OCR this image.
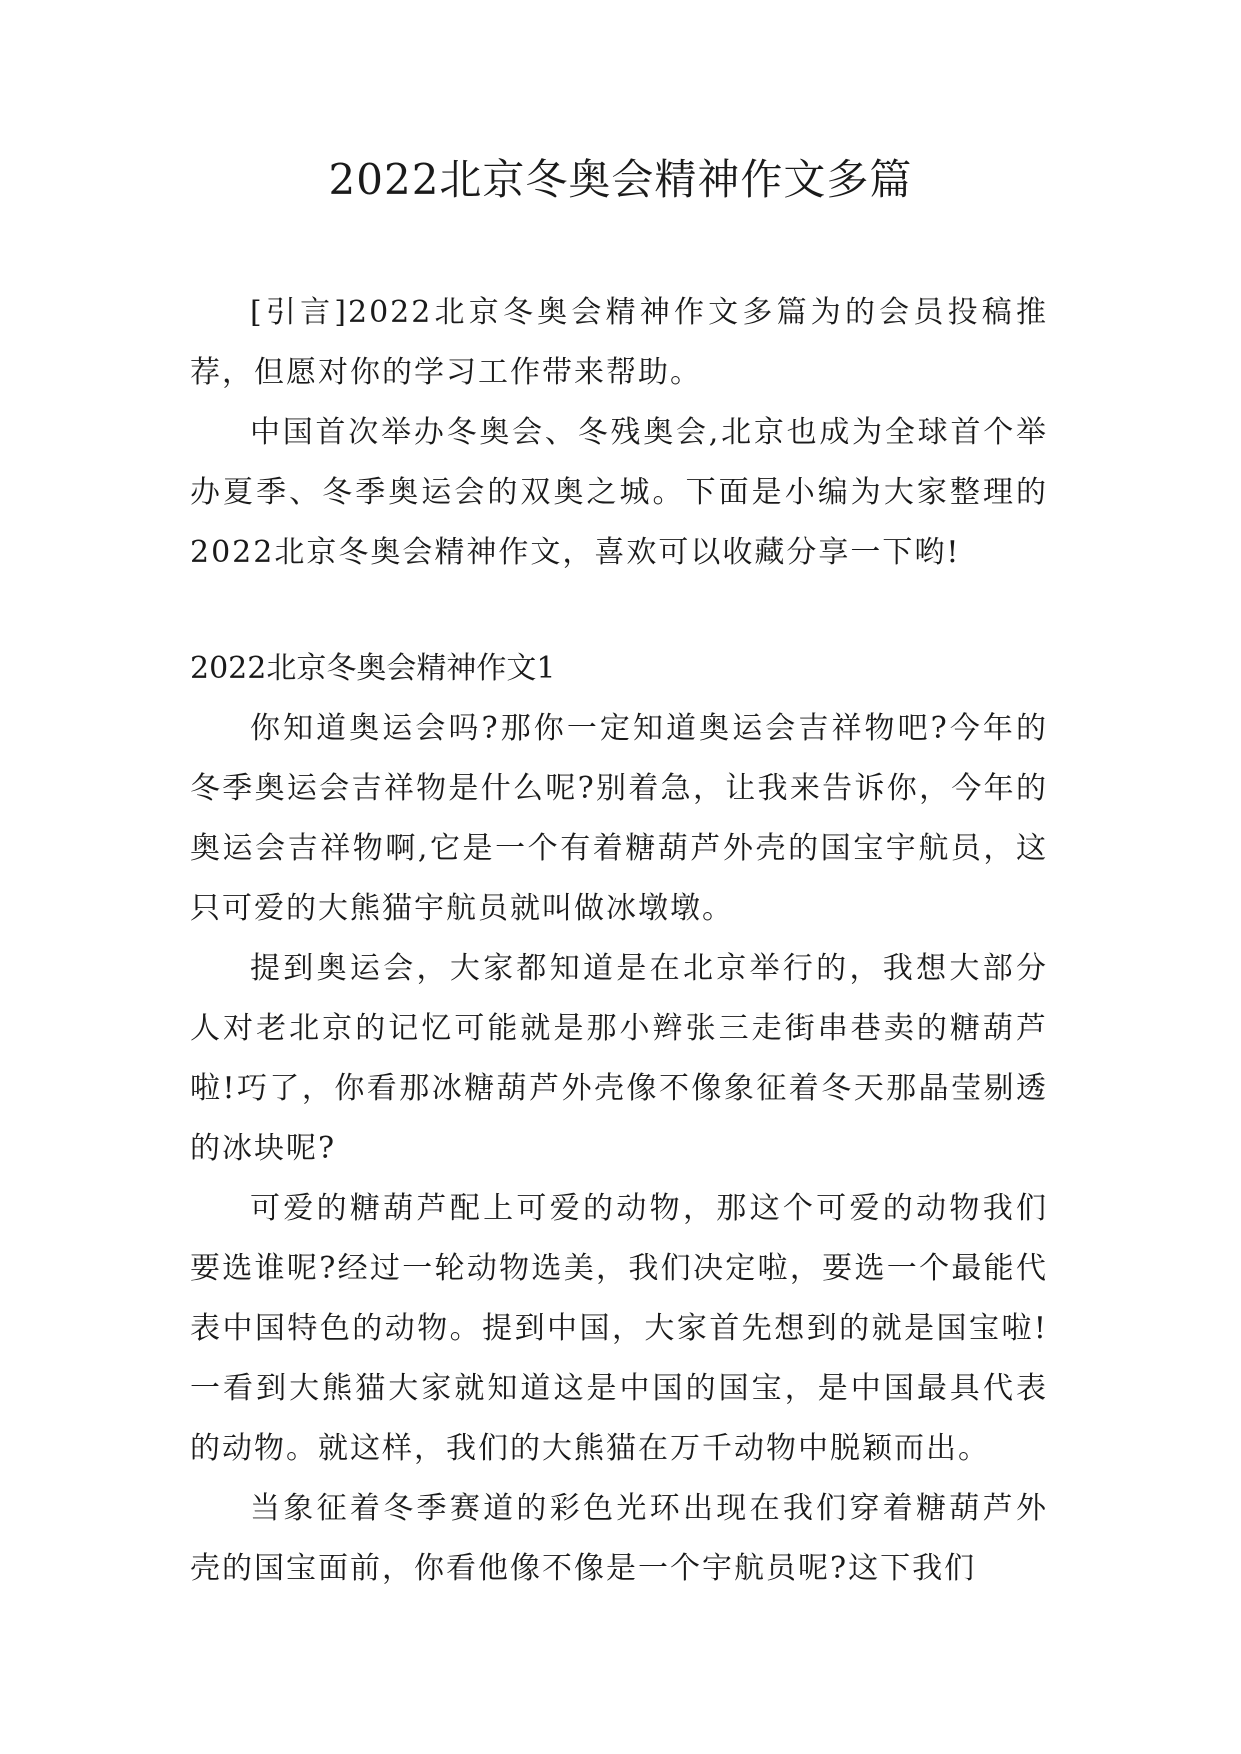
2022北京冬奥会精神作文多篇

[引言]2022北京冬奥会精神作文多篇为的会员投稿推荐，但愿对你的学习工作带来帮助。

中国首次举办冬奥会、冬残奥会,北京也成为全球首个举办夏季、冬季奥运会的双奥之城。下面是小编为大家整理的2022北京冬奥会精神作文，喜欢可以收藏分享一下哟!

2022北京冬奥会精神作文1

你知道奥运会吗?那你一定知道奥运会吉祥物吧?今年的冬季奥运会吉祥物是什么呢?别着急，让我来告诉你，今年的奥运会吉祥物啊,它是一个有着糖葫芦外壳的国宝宇航员，这只可爱的大熊猫宇航员就叫做冰墩墩。

提到奥运会，大家都知道是在北京举行的，我想大部分人对老北京的记忆可能就是那小辫张三走街串巷卖的糖葫芦啦!巧了，你看那冰糖葫芦外壳像不像象征着冬天那晶莹剔透的冰块呢?

可爱的糖葫芦配上可爱的动物，那这个可爱的动物我们要选谁呢?经过一轮动物选美，我们决定啦，要选一个最能代表中国特色的动物。提到中国，大家首先想到的就是国宝啦!一看到大熊猫大家就知道这是中国的国宝，是中国最具代表的动物。就这样，我们的大熊猫在万千动物中脱颖而出。

当象征着冬季赛道的彩色光环出现在我们穿着糖葫芦外壳的国宝面前，你看他像不像是一个宇航员呢?这下我们
